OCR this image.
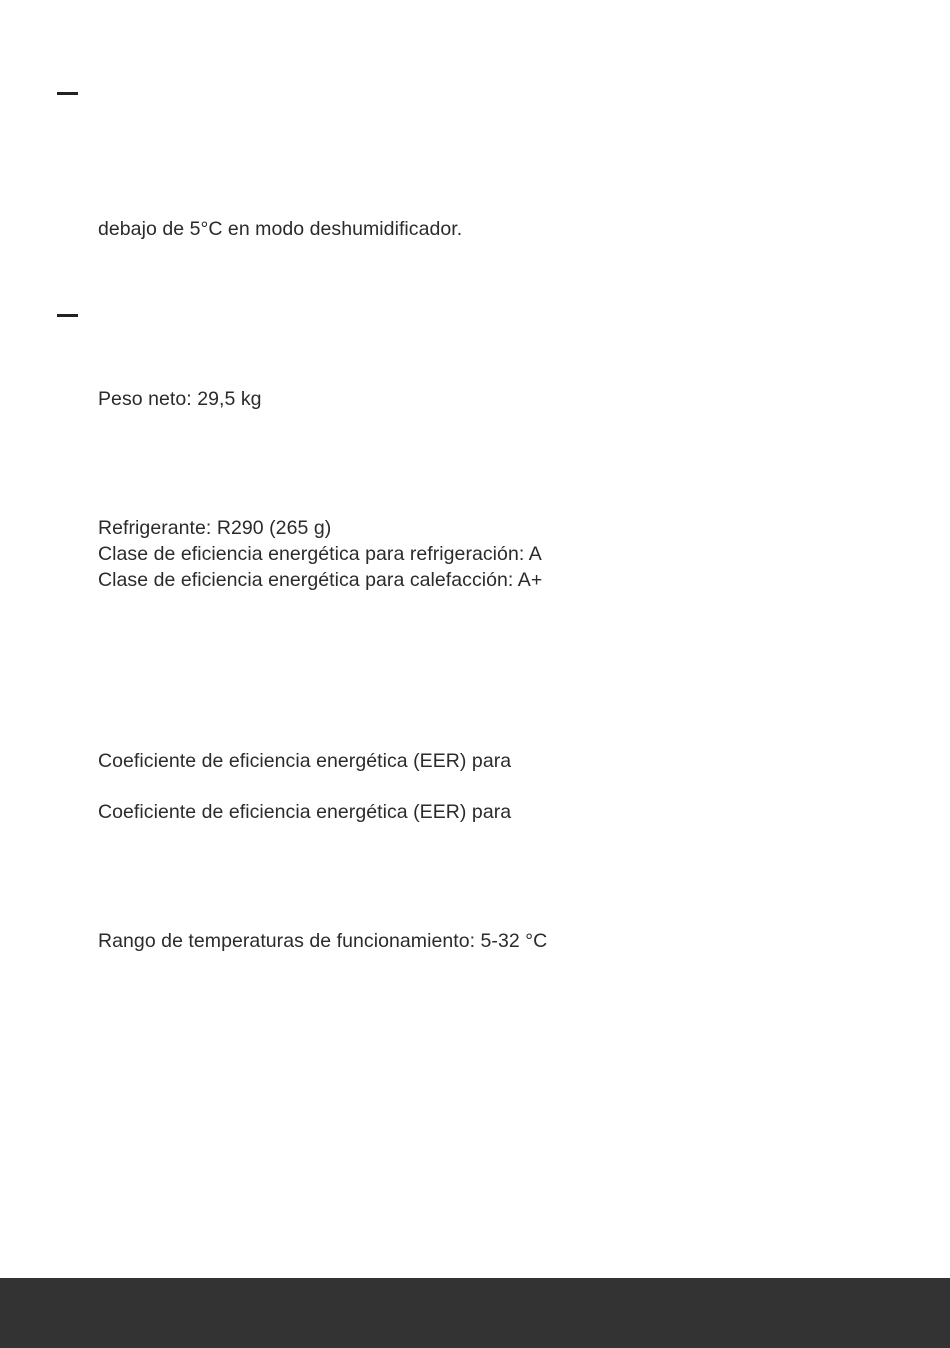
debajo de 5°C en modo deshumidificador.
Peso neto: 29,5 kg
Refrigerante: R290 (265 g)
Clase de eficiencia energética para refrigeración: A
Clase de eficiencia energética para calefacción: A+
Coeficiente de eficiencia energética (EER) para
Coeficiente de eficiencia energética (EER) para
Rango de temperaturas de funcionamiento: 5-32 °C
